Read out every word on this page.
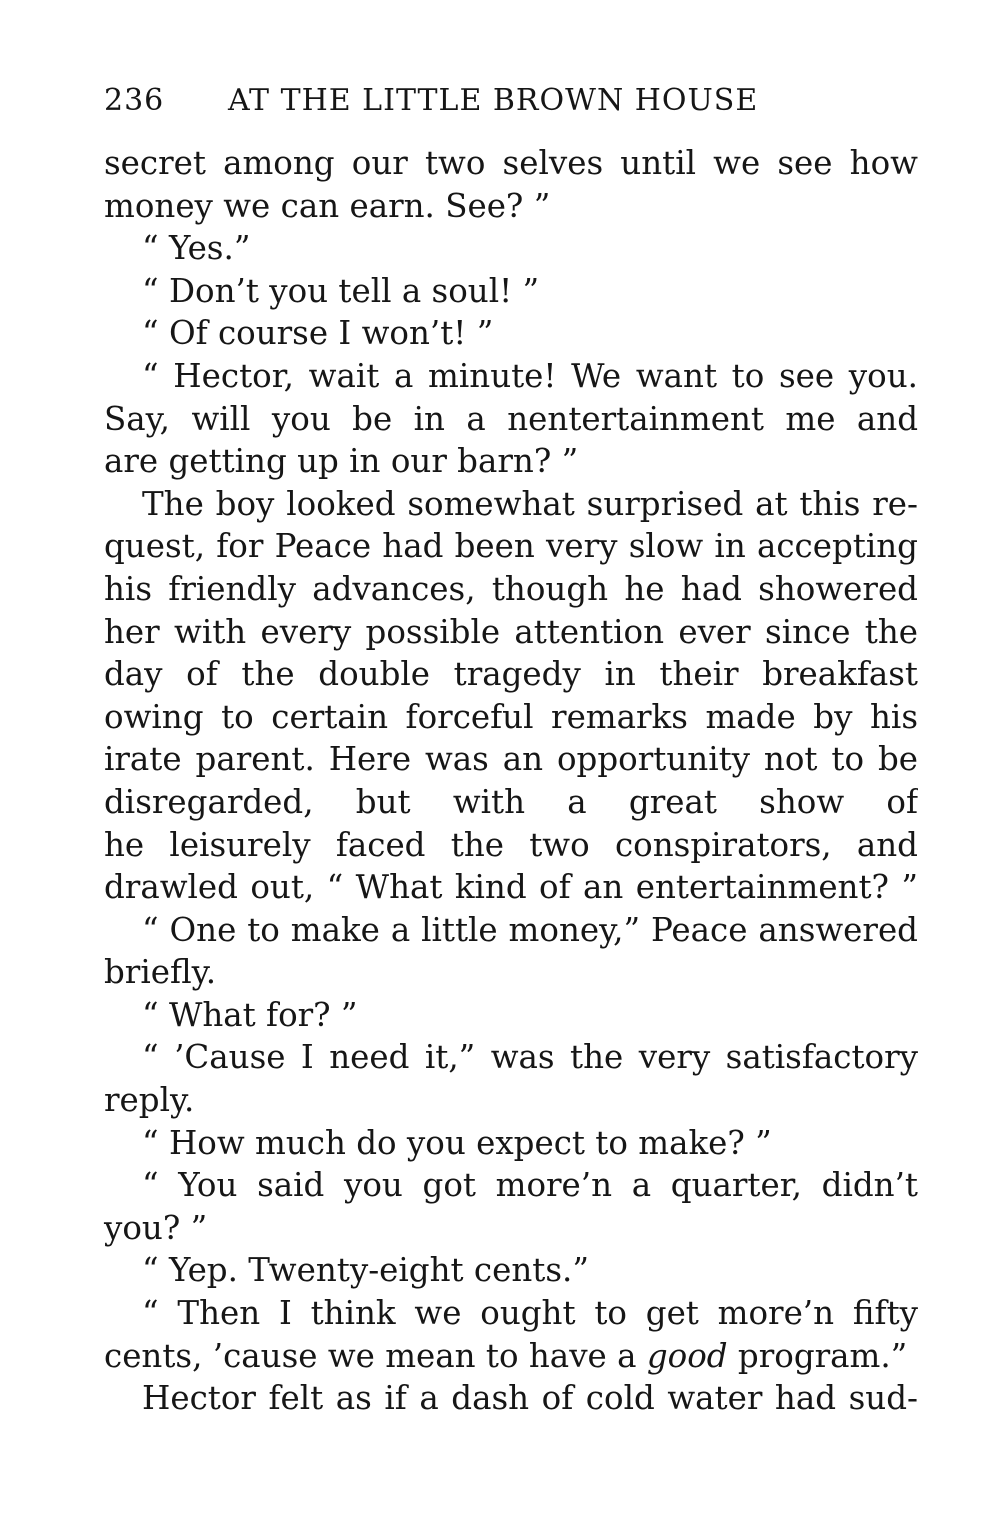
236	AT THE LITTLE BROWN HOUSE
secret among our two selves until we see how
money we can earn. See? ”
“ Yes.”
“ Don’t you tell a soul! ”
“ Of course I won’t! ”
“ Hector, wait a minute! We want to see you.
Say, will you be in a nentertainment me and
are getting up in our barn? ”
The boy looked somewhat surprised at this re-
quest, for Peace had been very slow in accepting
his friendly advances, though he had showered
her with every possible attention ever since the
day of the double tragedy in their breakfast
owing to certain forceful remarks made by his
irate parent. Here was an opportunity not to be
disregarded, but with a great show of
he leisurely faced the two conspirators, and
drawled out, “ What kind of an entertainment? ”
“ One to make a little money,” Peace answered
briefly.
“ What for? ”
“ ’Cause I need it,” was the very satisfactory
reply.
“ How much do you expect to make? ”
“ You said you got more’n a quarter, didn’t
you? ”
“ Yep. Twenty-eight cents.”
“ Then I think we ought to get more’n fifty
cents, ’cause we mean to have a good program.”
Hector felt as if a dash of cold water had sud-
